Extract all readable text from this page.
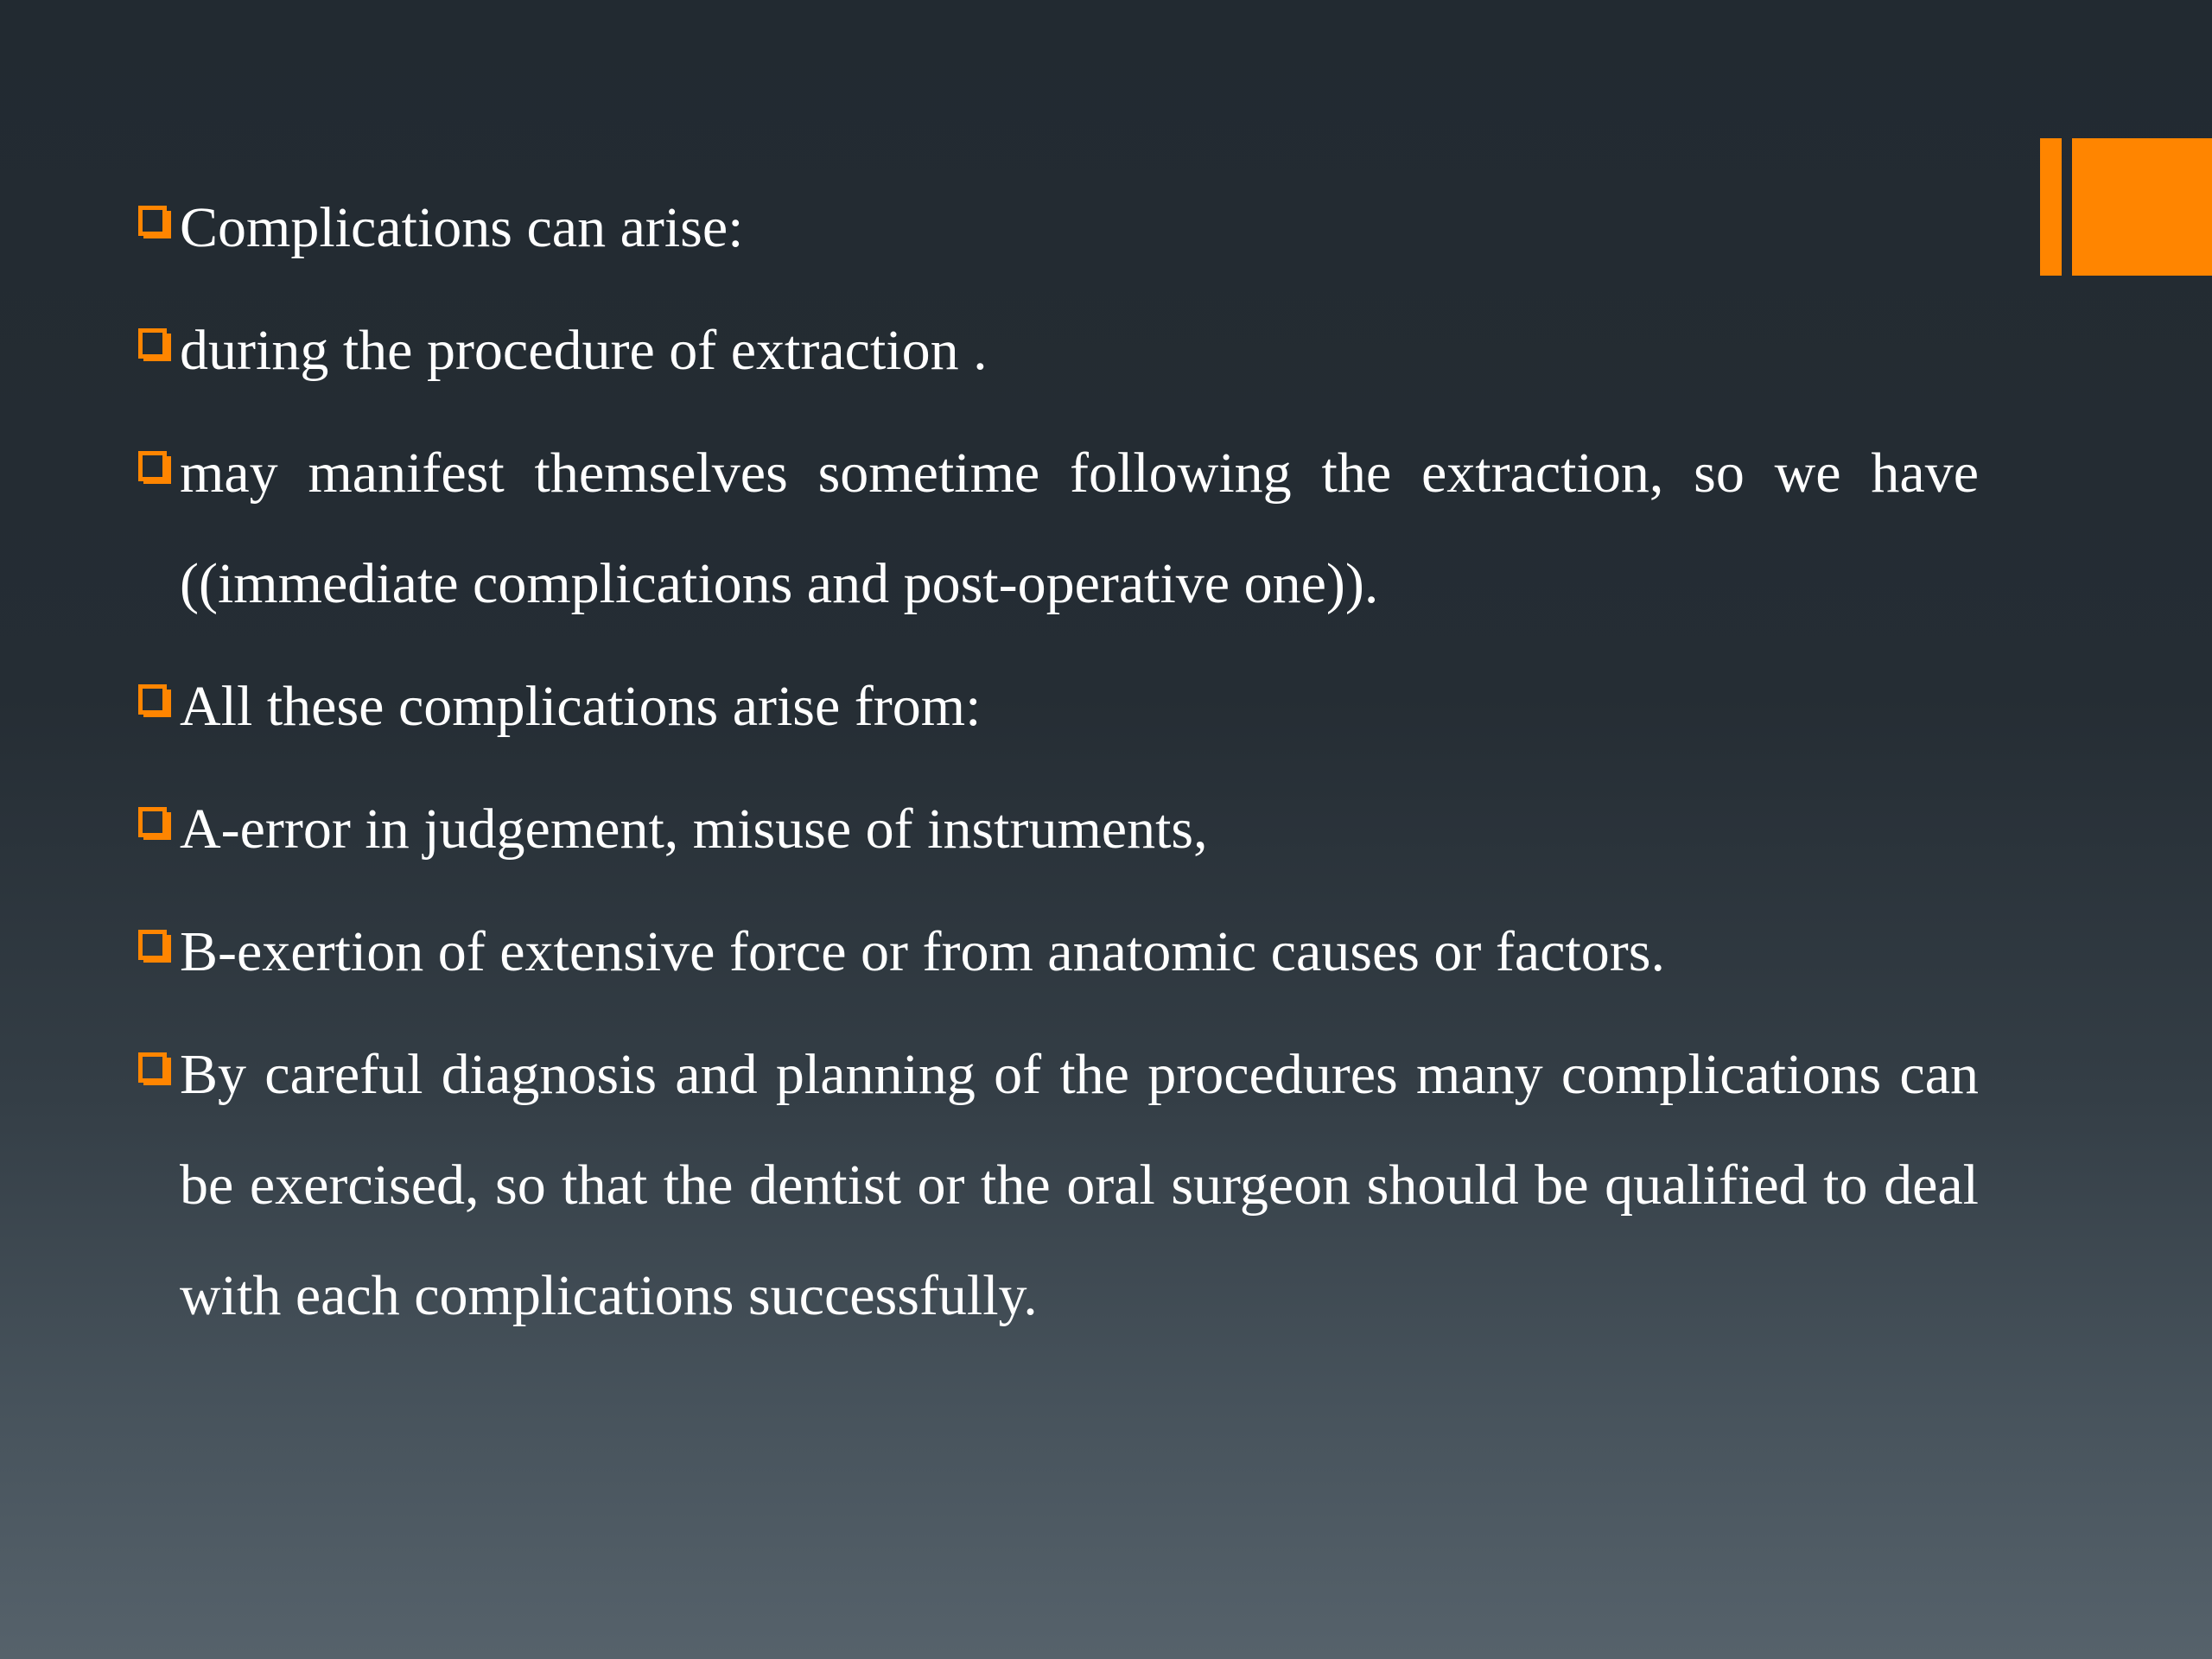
Complications can arise:
during the procedure of extraction .
may manifest themselves sometime following the extraction, so we have ((immediate complications and post-operative one)).
All these complications arise from:
A-error in judgement, misuse of instruments,
B-exertion of extensive force or from anatomic causes or factors.
By careful diagnosis and planning of the procedures many complications can be exercised, so that the dentist or the oral surgeon should be qualified to deal with each complications successfully.
